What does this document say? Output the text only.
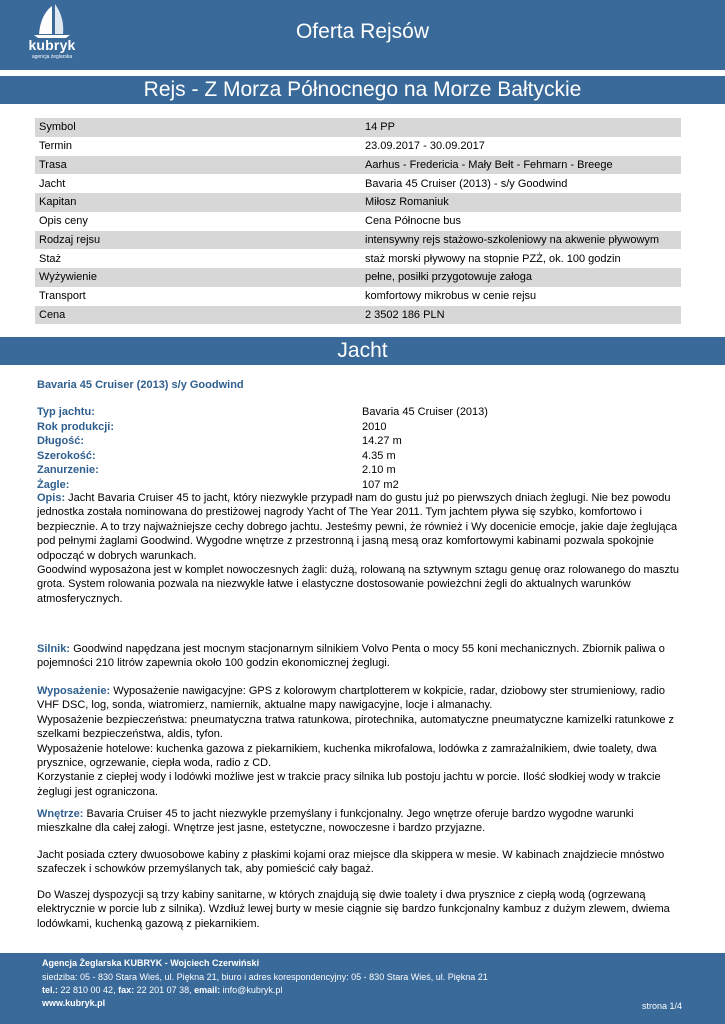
kubryk
agencja żeglarska
Oferta Rejsów
Rejs - Z Morza Północnego na Morze Bałtyckie
Symbol	14 PP
Termin	23.09.2017 - 30.09.2017
Trasa	Aarhus - Fredericia - Mały Bełt - Fehmarn - Breege
Jacht	Bavaria 45 Cruiser (2013) - s/y Goodwind
Kapitan	Miłosz Romaniuk
Opis ceny	Cena Północne bus
Rodzaj rejsu	intensywny rejs stażowo-szkoleniowy na akwenie pływowym
Staż	staż morski pływowy na stopnie PZŻ, ok. 100 godzin
Wyżywienie	pełne, posiłki przygotowuje załoga
Transport	komfortowy mikrobus w cenie rejsu
Cena	2 3502 186 PLN
Jacht
Bavaria 45 Cruiser (2013) s/y Goodwind
Typ jachtu:	Bavaria 45 Cruiser (2013)
Rok produkcji:	2010
Długość:	14.27 m
Szerokość:	4.35 m
Zanurzenie:	2.10 m
Żagle:	107 m2

Opis: Jacht Bavaria Cruiser 45 to jacht, który niezwykle przypadł nam do gustu już po pierwszych dniach żeglugi. Nie bez powodu jednostka została nominowana do prestiżowej nagrody Yacht of The Year 2011. Tym jachtem pływa się szybko, komfortowo i bezpiecznie. A to trzy najważniejsze cechy dobrego jachtu. Jesteśmy pewni, że również i Wy docenicie emocje, jakie daje żeglująca pod pełnymi żaglami Goodwind. Wygodne wnętrze z przestronną i jasną mesą oraz komfortowymi kabinami pozwala spokojnie odpocząć w dobrych warunkach.

Goodwind wyposażona jest w komplet nowoczesnych żagli: dużą, rolowaną na sztywnym sztagu genuę oraz rolowanego do masztu grota. System rolowania pozwala na niezwykle łatwe i elastyczne dostosowanie powieżchni żegli do aktualnych warunków atmosferycznych.

Silnik: Goodwind napędzana jest mocnym stacjonarnym silnikiem Volvo Penta o mocy 55 koni mechanicznych. Zbiornik paliwa o pojemności 210 litrów zapewnia około 100 godzin ekonomicznej żeglugi.

Wyposażenie: Wyposażenie nawigacyjne: GPS z kolorowym chartplotterem w kokpicie, radar, dziobowy ster strumieniowy, radio VHF DSC, log, sonda, wiatromierz, namiernik, aktualne mapy nawigacyjne, locje i almanachy.

Wyposażenie bezpieczeństwa: pneumatyczna tratwa ratunkowa, pirotechnika, automatyczne pneumatyczne kamizelki ratunkowe z szelkami bezpieczeństwa, aldis, tyfon.

Wyposażenie hotelowe: kuchenka gazowa z piekarnikiem, kuchenka mikrofalowa, lodówka z zamrażalnikiem, dwie toalety, dwa prysznice, ogrzewanie, ciepła woda, radio z CD.

Korzystanie z ciepłej wody i lodówki możliwe jest w trakcie pracy silnika lub postoju jachtu w porcie. Ilość słodkiej wody w trakcie żeglugi jest ograniczona.

Wnętrze: Bavaria Cruiser 45 to jacht niezwykle przemyślany i funkcjonalny. Jego wnętrze oferuje bardzo wygodne warunki mieszkalne dla całej załogi. Wnętrze jest jasne, estetyczne, nowoczesne i bardzo przyjazne.

Jacht posiada cztery dwuosobowe kabiny z płaskimi kojami oraz miejsce dla skippera w mesie. W kabinach znajdziecie mnóstwo szafeczek i schowków przemyślanych tak, aby pomieścić cały bagaż.

Do Waszej dyspozycji są trzy kabiny sanitarne, w których znajdują się dwie toalety i dwa prysznice z ciepłą wodą (ogrzewaną elektrycznie w porcie lub z silnika). Wzdłuż lewej burty w mesie ciągnie się bardzo funkcjonalny kambuz z dużym zlewem, dwiema lodówkami, kuchenką gazową z piekarnikiem.

Agencja Żeglarska KUBRYK - Wojciech Czerwiński
siedziba: 05 - 830 Stara Wieś, ul. Piękna 21, biuro i adres korespondencyjny: 05 - 830 Stara Wieś, ul. Piękna 21
tel.: 22 810 00 42, fax: 22 201 07 38, email: info@kubryk.pl
www.kubryk.pl	strona 1/4
